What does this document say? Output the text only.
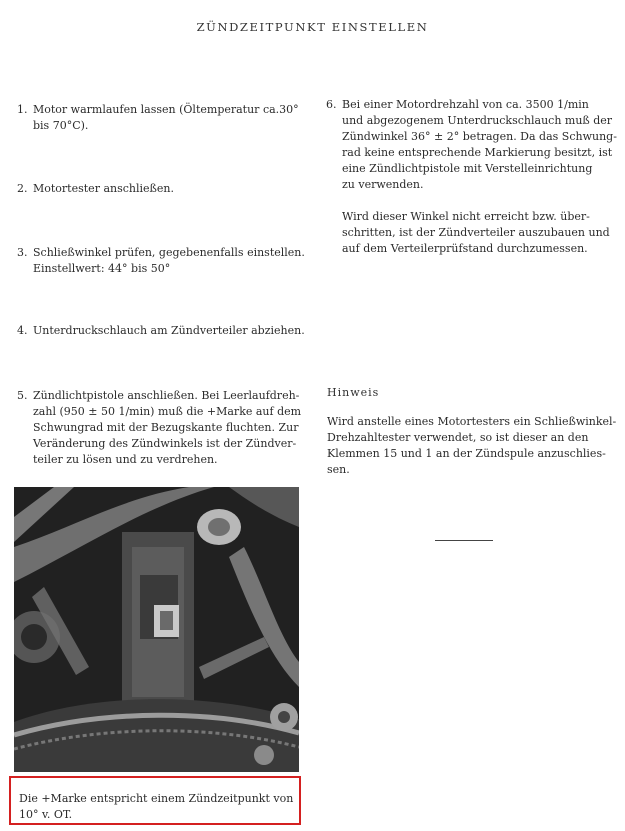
ZÜNDZEITPUNKT EINSTELLEN
1. Motor warmlaufen lassen (Öltemperatur ca.30°
bis 70°C).
2. Motortester anschließen.
3. Schließwinkel prüfen, gegebenenfalls einstellen.
Einstellwert: 44° bis 50°
4. Unterdruckschlauch am Zündverteiler abziehen.
5. Zündlichtpistole anschließen. Bei Leerlaufdreh-
zahl (950 ± 50 1/min) muß die +Marke auf dem
Schwungrad mit der Bezugskante fluchten. Zur
Veränderung des Zündwinkels ist der Zündver-
teiler zu lösen und zu verdrehen.
6. Bei einer Motordrehzahl von ca. 3500 1/min
und abgezogenem Unterdruckschlauch muß der
Zündwinkel 36° ± 2° betragen. Da das Schwung-
rad keine entsprechende Markierung besitzt, ist
eine Zündlichtpistole mit Verstelleinrichtung
zu verwenden.
Wird dieser Winkel nicht erreicht bzw. über-
schritten, ist der Zündverteiler auszubauen und
auf dem Verteilerprüfstand durchzumessen.
Hinweis
Wird anstelle eines Motortesters ein Schließwinkel-
Drehzahltester verwendet, so ist dieser an den
Klemmen 15 und 1 an der Zündspule anzuschlies-
sen.
Die +Marke entspricht einem Zündzeitpunkt von
10° v. OT.
